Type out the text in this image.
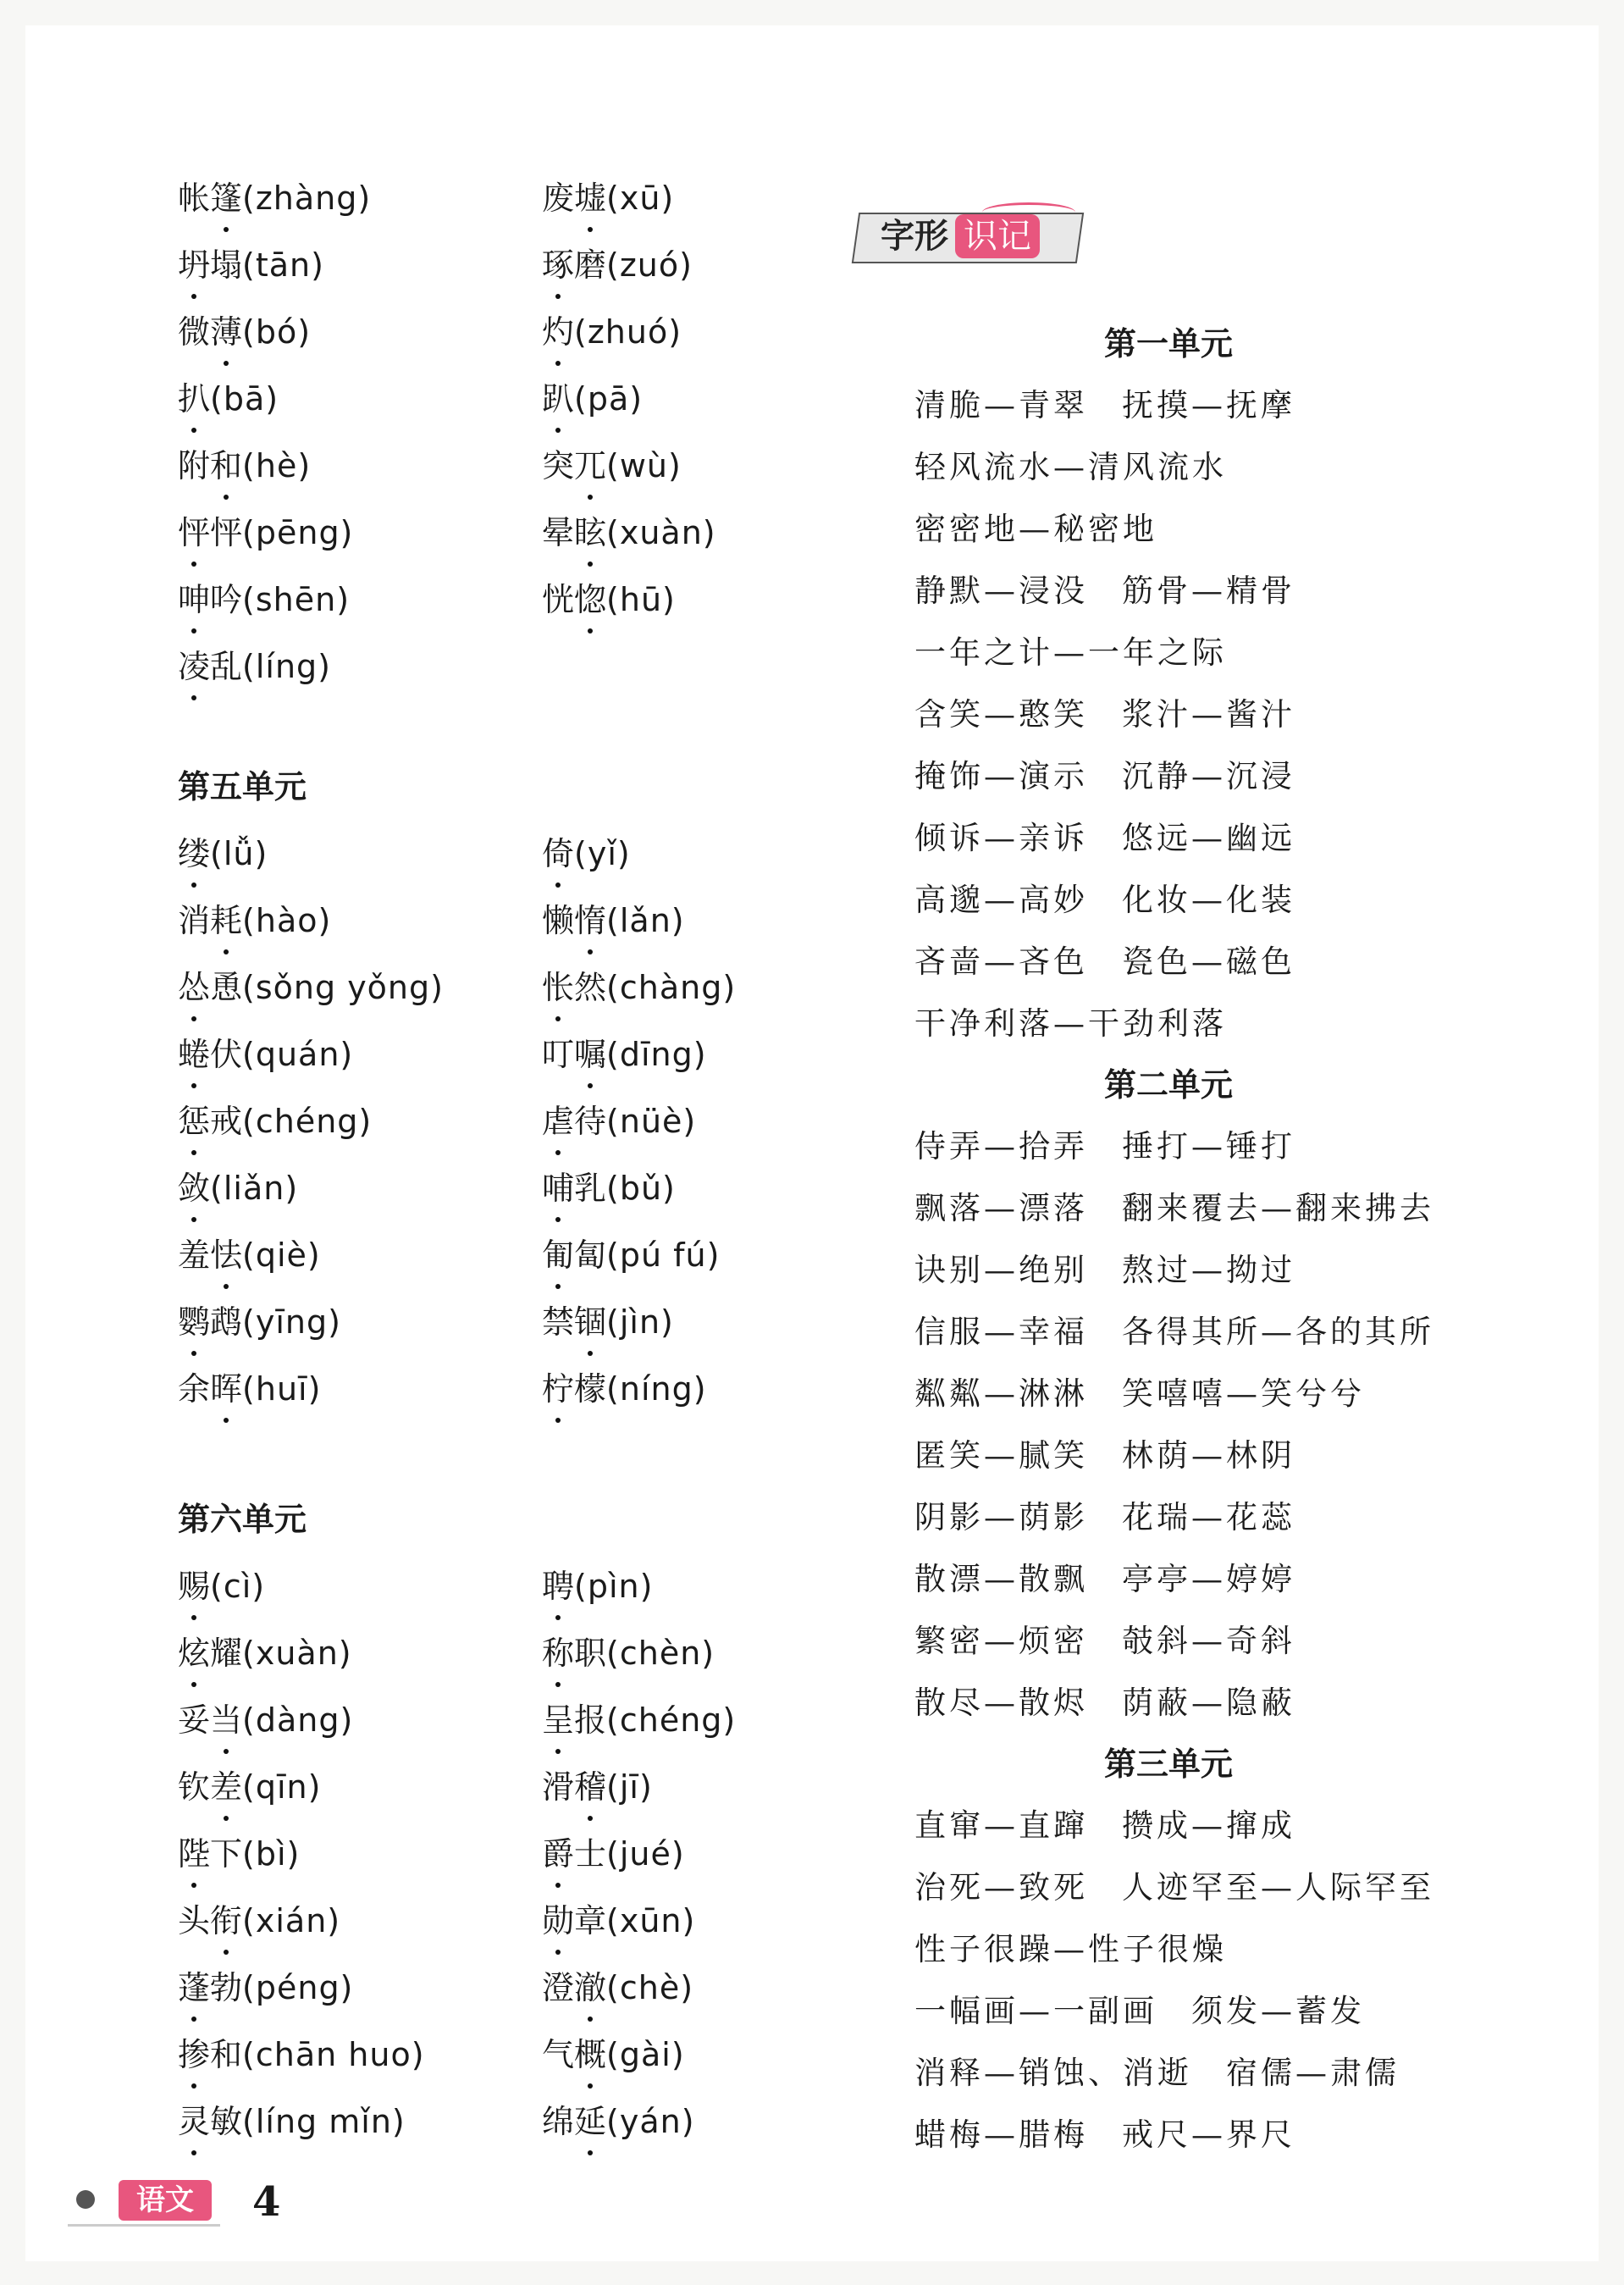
字形 识记
帐篷
(zhàng)
坍
塌(tān)
微薄
(bó)
扒
(bā)
附和
(hè)
怦
怦(pēng)
呻
吟(shēn)
凌
乱(líng)
第五单元
缕
(lǚ)
消耗
(hào)
怂
恿(sǒng yǒng)
蜷
伏(quán)
惩
戒(chéng)
敛
(liǎn)
羞怯
(qiè)
鹦
鹉(yīng)
余晖
(huī)
第六单元
赐
(cì)
炫
耀(xuàn)
妥当
(dàng)
钦差
(qīn)
陛
下(bì)
头衔
(xián)
蓬
勃(péng)
掺
和(chān huo)
灵
敏(líng mǐn)
废墟
(xū)
琢
磨(zuó)
灼
(zhuó)
趴
(pā)
突兀
(wù)
晕眩
(xuàn)
恍惚
(hū)
倚
(yǐ)
懒惰
(lǎn)
怅
然(chàng)
叮嘱
(dīng)
虐
待(nüè)
哺
乳(bǔ)
匍
匐(pú fú)
禁锢
(jìn)
柠
檬(níng)
聘
(pìn)
称
职(chèn)
呈
报(chéng)
滑稽
(jī)
爵
士(jué)
勋
章(xūn)
澄澈
(chè)
气概
(gài)
绵延
(yán)
第一单元
清脆—青翠 抚摸—抚摩
轻风流水—清风流水
密密地—秘密地
静默—浸没 筋骨—精骨
一年之计—一年之际
含笑—憨笑 浆汁—酱汁
掩饰—演示 沉静—沉浸
倾诉—亲诉 悠远—幽远
高邈—高妙 化妆—化装
吝啬—吝色 瓷色—磁色
干净利落—干劲利落
第二单元
侍弄—拾弄 捶打—锤打
飘落—漂落 翻来覆去—翻来拂去
诀别—绝别 熬过—拗过
信服—幸福 各得其所—各的其所
粼粼—淋淋 笑嘻嘻—笑兮兮
匿笑—腻笑 林荫—林阴
阴影—荫影 花瑞—花蕊
散漂—散飘 亭亭—婷婷
繁密—烦密 攲斜—奇斜
散尽—散烬 荫蔽—隐蔽
第三单元
直窜—直蹿 攒成—撺成
治死—致死 人迹罕至—人际罕至
性子很躁—性子很燥
一幅画—一副画 须发—蓄发
消释—销蚀、消逝 宿儒—肃儒
蜡梅—腊梅 戒尺—界尺
语文	4
